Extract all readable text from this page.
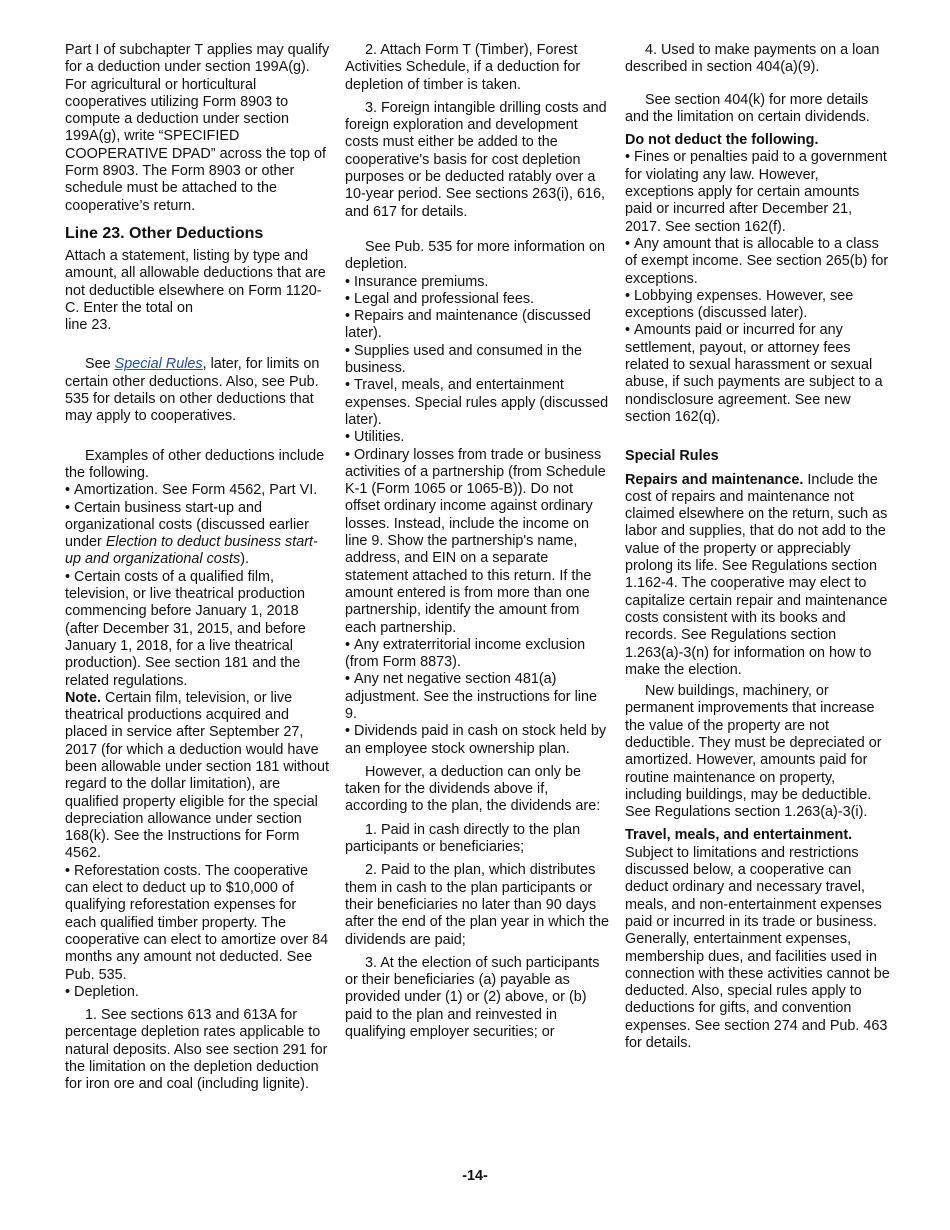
Part I of subchapter T applies may qualify for a deduction under section 199A(g). For agricultural or horticultural cooperatives utilizing Form 8903 to compute a deduction under section 199A(g), write “SPECIFIED COOPERATIVE DPAD” across the top of Form 8903. The Form 8903 or other schedule must be attached to the cooperative’s return.

Line 23. Other Deductions

Attach a statement, listing by type and amount, all allowable deductions that are not deductible elsewhere on Form 1120-C. Enter the total on
line 23.

See Special Rules, later, for limits on certain other deductions. Also, see Pub. 535 for details on other deductions that may apply to cooperatives.

Examples of other deductions include the following.

• Amortization. See Form 4562, Part VI.

• Certain business start-up and organizational costs (discussed earlier under Election to deduct business start-up and organizational costs).

• Certain costs of a qualified film, television, or live theatrical production commencing before January 1, 2018 (after December 31, 2015, and before January 1, 2018, for a live theatrical production). See section 181 and the related regulations.

Note. Certain film, television, or live theatrical productions acquired and placed in service after September 27, 2017 (for which a deduction would have been allowable under section 181 without regard to the dollar limitation), are qualified property eligible for the special depreciation allowance under section 168(k). See the Instructions for Form 4562.

• Reforestation costs. The cooperative can elect to deduct up to $10,000 of qualifying reforestation expenses for each qualified timber property. The cooperative can elect to amortize over 84 months any amount not deducted. See Pub. 535.

• Depletion.

1. See sections 613 and 613A for percentage depletion rates applicable to natural deposits. Also see section 291 for the limitation on the depletion deduction for iron ore and coal (including lignite).

2. Attach Form T (Timber), Forest Activities Schedule, if a deduction for depletion of timber is taken.

3. Foreign intangible drilling costs and foreign exploration and development costs must either be added to the cooperative's basis for cost depletion purposes or be deducted ratably over a 10-year period. See sections 263(i), 616, and 617 for details.

See Pub. 535 for more information on depletion.

• Insurance premiums.

• Legal and professional fees.

• Repairs and maintenance (discussed later).

• Supplies used and consumed in the business.

• Travel, meals, and entertainment expenses. Special rules apply (discussed later).

• Utilities.

• Ordinary losses from trade or business activities of a partnership (from Schedule K-1 (Form 1065 or 1065-B)). Do not offset ordinary income against ordinary losses. Instead, include the income on line 9. Show the partnership's name, address, and EIN on a separate statement attached to this return. If the amount entered is from more than one partnership, identify the amount from each partnership.

• Any extraterritorial income exclusion (from Form 8873).

• Any net negative section 481(a) adjustment. See the instructions for line 9.

• Dividends paid in cash on stock held by an employee stock ownership plan.

However, a deduction can only be taken for the dividends above if, according to the plan, the dividends are:

1. Paid in cash directly to the plan participants or beneficiaries;

2. Paid to the plan, which distributes them in cash to the plan participants or their beneficiaries no later than 90 days after the end of the plan year in which the dividends are paid;

3. At the election of such participants or their beneficiaries (a) payable as provided under (1) or (2) above, or (b) paid to the plan and reinvested in qualifying employer securities; or

4. Used to make payments on a loan described in section 404(a)(9).

See section 404(k) for more details and the limitation on certain dividends.

Do not deduct the following.

• Fines or penalties paid to a government for violating any law. However, exceptions apply for certain amounts paid or incurred after December 21, 2017. See section 162(f).

• Any amount that is allocable to a class of exempt income. See section 265(b) for exceptions.

• Lobbying expenses. However, see exceptions (discussed later).

• Amounts paid or incurred for any settlement, payout, or attorney fees related to sexual harassment or sexual abuse, if such payments are subject to a nondisclosure agreement. See new section 162(q).

Special Rules

Repairs and maintenance. Include the cost of repairs and maintenance not claimed elsewhere on the return, such as labor and supplies, that do not add to the value of the property or appreciably prolong its life. See Regulations section 1.162-4. The cooperative may elect to capitalize certain repair and maintenance costs consistent with its books and records. See Regulations section 1.263(a)-3(n) for information on how to make the election.

New buildings, machinery, or permanent improvements that increase the value of the property are not deductible. They must be depreciated or amortized. However, amounts paid for routine maintenance on property, including buildings, may be deductible. See Regulations section 1.263(a)-3(i).

Travel, meals, and entertainment.
Subject to limitations and restrictions discussed below, a cooperative can deduct ordinary and necessary travel, meals, and non-entertainment expenses paid or incurred in its trade or business. Generally, entertainment expenses, membership dues, and facilities used in connection with these activities cannot be deducted. Also, special rules apply to deductions for gifts, and convention expenses. See section 274 and Pub. 463 for details.

-14-
